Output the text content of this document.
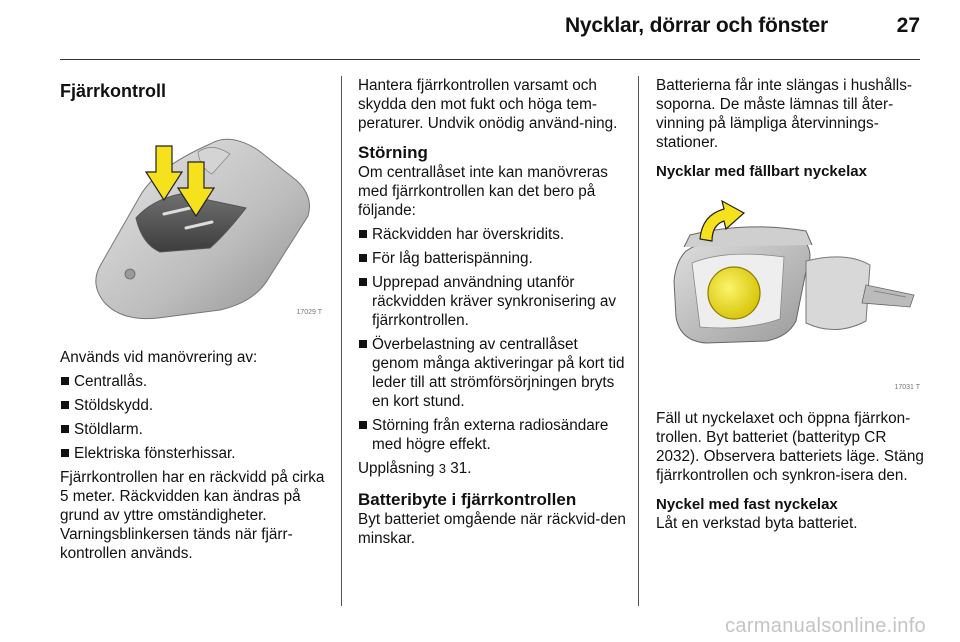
Nycklar, dörrar och fönster	27

Fjärrkontroll

17029 T

Används vid manövrering av:

Centrallås.
Stöldskydd.
Stöldlarm.
Elektriska fönsterhissar.

Fjärrkontrollen har en räckvidd på cirka 5 meter. Räckvidden kan ändras på grund av yttre omständigheter. Varningsblinkersen tänds när fjärr-kontrollen används.

Hantera fjärrkontrollen varsamt och skydda den mot fukt och höga tem-peraturer. Undvik onödig använd-ning.

Störning

Om centrallåset inte kan manövreras med fjärrkontrollen kan det bero på följande:

Räckvidden har överskridits.
För låg batterispänning.
Upprepad användning utanför räckvidden kräver synkronisering av fjärrkontrollen.
Överbelastning av centrallåset genom många aktiveringar på kort tid leder till att strömförsörjningen bryts en kort stund.
Störning från externa radiosändare med högre effekt.

Upplåsning 3 31.

Batteribyte i fjärrkontrollen

Byt batteriet omgående när räckvid-den minskar.

Batterierna får inte slängas i hushålls-soporna. De måste lämnas till åter-vinning på lämpliga återvinnings-stationer.

Nycklar med fällbart nyckelax

17031 T

Fäll ut nyckelaxet och öppna fjärrkon-trollen. Byt batteriet (batterityp CR 2032). Observera batteriets läge. Stäng fjärrkontrollen och synkron-isera den.

Nyckel med fast nyckelax

Låt en verkstad byta batteriet.

carmanualsonline.info
